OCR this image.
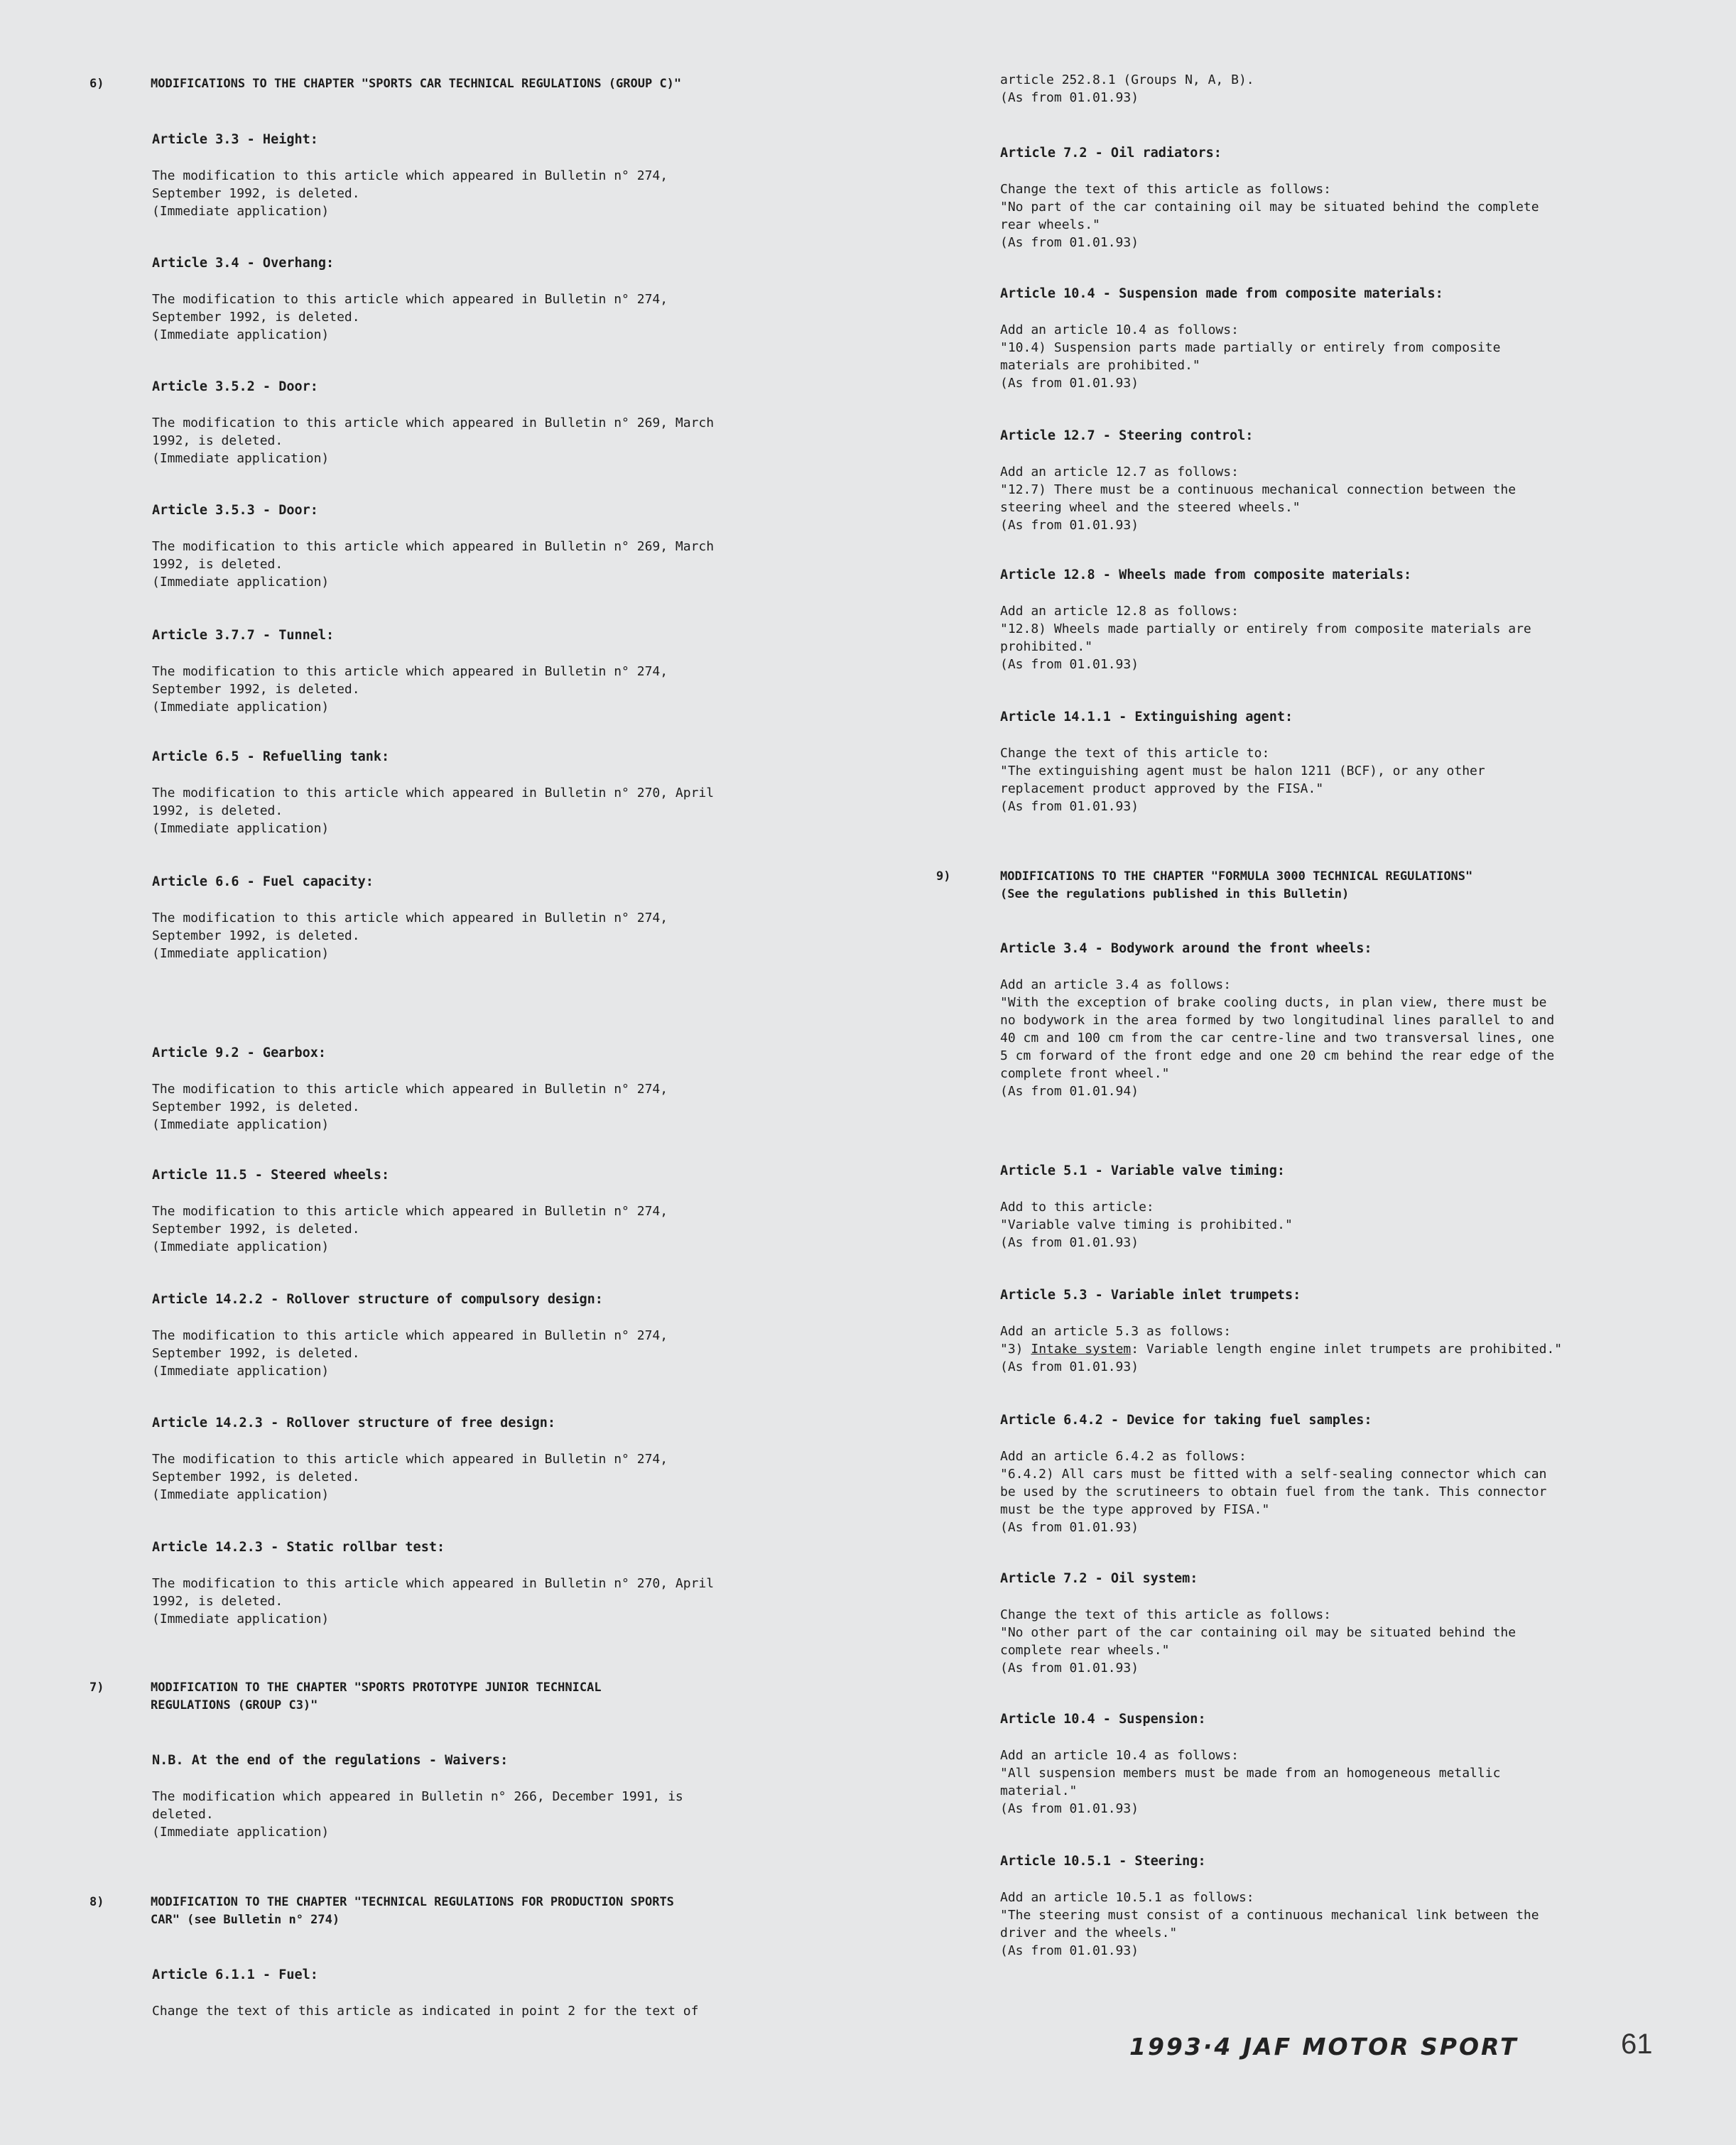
6)	MODIFICATIONS TO THE CHAPTER "SPORTS CAR TECHNICAL REGULATIONS (GROUP C)"
Article 3.3 - Height:
The modification to this article which appeared in Bulletin n° 274,
September 1992, is deleted.
(Immediate application)
Article 3.4 - Overhang:
The modification to this article which appeared in Bulletin n° 274,
September 1992, is deleted.
(Immediate application)
Article 3.5.2 - Door:
The modification to this article which appeared in Bulletin n° 269, March
1992, is deleted.
(Immediate application)
Article 3.5.3 - Door:
The modification to this article which appeared in Bulletin n° 269, March
1992, is deleted.
(Immediate application)
Article 3.7.7 - Tunnel:
The modification to this article which appeared in Bulletin n° 274,
September 1992, is deleted.
(Immediate application)
Article 6.5 - Refuelling tank:
The modification to this article which appeared in Bulletin n° 270, April
1992, is deleted.
(Immediate application)
Article 6.6 - Fuel capacity:
The modification to this article which appeared in Bulletin n° 274,
September 1992, is deleted.
(Immediate application)
Article 9.2 - Gearbox:
The modification to this article which appeared in Bulletin n° 274,
September 1992, is deleted.
(Immediate application)
Article 11.5 - Steered wheels:
The modification to this article which appeared in Bulletin n° 274,
September 1992, is deleted.
(Immediate application)
Article 14.2.2 - Rollover structure of compulsory design:
The modification to this article which appeared in Bulletin n° 274,
September 1992, is deleted.
(Immediate application)
Article 14.2.3 - Rollover structure of free design:
The modification to this article which appeared in Bulletin n° 274,
September 1992, is deleted.
(Immediate application)
Article 14.2.3 - Static rollbar test:
The modification to this article which appeared in Bulletin n° 270, April
1992, is deleted.
(Immediate application)
7)	MODIFICATION TO THE CHAPTER "SPORTS PROTOTYPE JUNIOR TECHNICAL
REGULATIONS (GROUP C3)"
N.B. At the end of the regulations - Waivers:
The modification which appeared in Bulletin n° 266, December 1991, is
deleted.
(Immediate application)
8)	MODIFICATION TO THE CHAPTER "TECHNICAL REGULATIONS FOR PRODUCTION SPORTS
CAR" (see Bulletin n° 274)
Article 6.1.1 - Fuel:
Change the text of this article as indicated in point 2 for the text of
article 252.8.1 (Groups N, A, B).
(As from 01.01.93)
Article 7.2 - Oil radiators:
Change the text of this article as follows:
"No part of the car containing oil may be situated behind the complete
rear wheels."
(As from 01.01.93)
Article 10.4 - Suspension made from composite materials:
Add an article 10.4 as follows:
"10.4) Suspension parts made partially or entirely from composite
materials are prohibited."
(As from 01.01.93)
Article 12.7 - Steering control:
Add an article 12.7 as follows:
"12.7) There must be a continuous mechanical connection between the
steering wheel and the steered wheels."
(As from 01.01.93)
Article 12.8 - Wheels made from composite materials:
Add an article 12.8 as follows:
"12.8) Wheels made partially or entirely from composite materials are
prohibited."
(As from 01.01.93)
Article 14.1.1 - Extinguishing agent:
Change the text of this article to:
"The extinguishing agent must be halon 1211 (BCF), or any other
replacement product approved by the FISA."
(As from 01.01.93)
9)	MODIFICATIONS TO THE CHAPTER "FORMULA 3000 TECHNICAL REGULATIONS"
(See the regulations published in this Bulletin)
Article 3.4 - Bodywork around the front wheels:
Add an article 3.4 as follows:
"With the exception of brake cooling ducts, in plan view, there must be
no bodywork in the area formed by two longitudinal lines parallel to and
40 cm and 100 cm from the car centre-line and two transversal lines, one
5 cm forward of the front edge and one 20 cm behind the rear edge of the
complete front wheel."
(As from 01.01.94)
Article 5.1 - Variable valve timing:
Add to this article:
"Variable valve timing is prohibited."
(As from 01.01.93)
Article 5.3 - Variable inlet trumpets:
Add an article 5.3 as follows:
"3) Intake system: Variable length engine inlet trumpets are prohibited."
(As from 01.01.93)
Article 6.4.2 - Device for taking fuel samples:
Add an article 6.4.2 as follows:
"6.4.2) All cars must be fitted with a self-sealing connector which can
be used by the scrutineers to obtain fuel from the tank. This connector
must be the type approved by FISA."
(As from 01.01.93)
Article 7.2 - Oil system:
Change the text of this article as follows:
"No other part of the car containing oil may be situated behind the
complete rear wheels."
(As from 01.01.93)
Article 10.4 - Suspension:
Add an article 10.4 as follows:
"All suspension members must be made from an homogeneous metallic
material."
(As from 01.01.93)
Article 10.5.1 - Steering:
Add an article 10.5.1 as follows:
"The steering must consist of a continuous mechanical link between the
driver and the wheels."
(As from 01.01.93)
1993·4 JAF MOTOR SPORT	61
